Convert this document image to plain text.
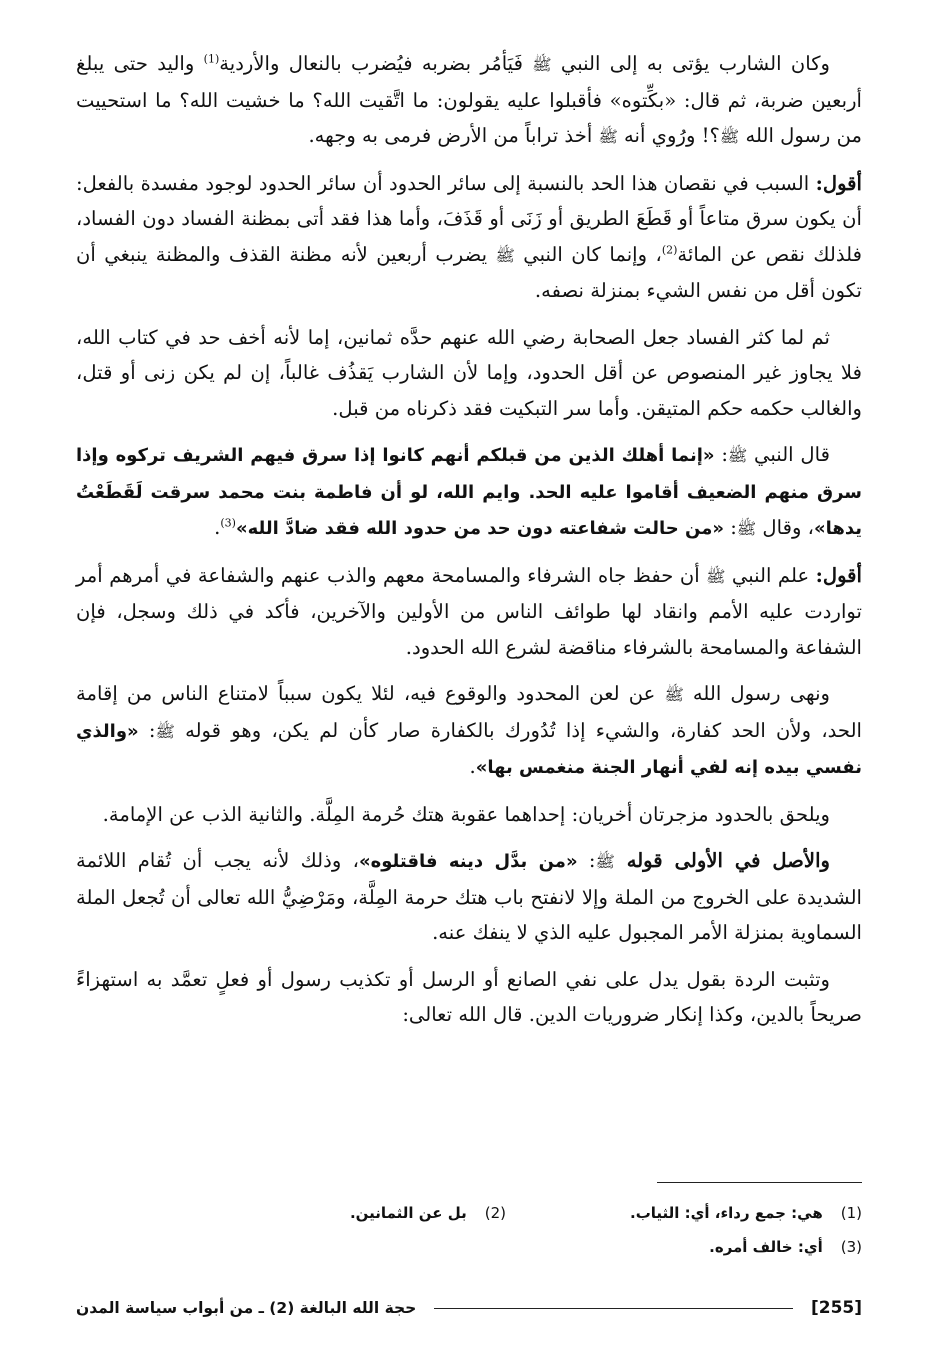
وكان الشارب يؤتى به إلى النبي ﷺ فَيَأمُر بضربه فيُضرب بالنعال والأردية$^{(1)}$ واليد حتى يبلغ أربعين ضربة، ثم قال: «بكِّتوه» فأقبلوا عليه يقولون: ما اتَّقيت الله؟ ما خشيت الله؟ ما استحييت من رسول الله ﷺ؟! ورُوي أنه ﷺ أخذ تراباً من الأرض فرمى به وجهه.

أقول: السبب في نقصان هذا الحد بالنسبة إلى سائر الحدود أن سائر الحدود لوجود مفسدة بالفعل: أن يكون سرق متاعاً أو قَطَعَ الطريق أو زَنَى أو قَذَفَ، وأما هذا فقد أتى بمظنة الفساد دون الفساد، فلذلك نقص عن المائة$^{(2)}$، وإنما كان النبي ﷺ يضرب أربعين لأنه مظنة القذف والمظنة ينبغي أن تكون أقل من نفس الشيء بمنزلة نصفه.

ثم لما كثر الفساد جعل الصحابة رضي الله عنهم حدَّه ثمانين، إما لأنه أخف حد في كتاب الله، فلا يجاوز غير المنصوص عن أقل الحدود، وإما لأن الشارب يَقذُف غالباً، إن لم يكن زنى أو قتل، والغالب حكمه حكم المتيقن. وأما سر التبكيت فقد ذكرناه من قبل.

قال النبي ﷺ: «إنما أهلك الذين من قبلكم أنهم كانوا إذا سرق فيهم الشريف تركوه وإذا سرق منهم الضعيف أقاموا عليه الحد. وايم الله، لو أن فاطمة بنت محمد سرقت لَقَطَعْتُ يدها»، وقال ﷺ: «من حالت شفاعته دون حد من حدود الله فقد ضادَّ الله»$^{(3)}$.

أقول: علم النبي ﷺ أن حفظ جاه الشرفاء والمسامحة معهم والذب عنهم والشفاعة في أمرهم أمر تواردت عليه الأمم وانقاد لها طوائف الناس من الأولين والآخرين، فأكد في ذلك وسجل، فإن الشفاعة والمسامحة بالشرفاء مناقضة لشرع الله الحدود.

ونهى رسول الله ﷺ عن لعن المحدود والوقوع فيه، لئلا يكون سبباً لامتناع الناس من إقامة الحد، ولأن الحد كفارة، والشيء إذا تُدُورك بالكفارة صار كأن لم يكن، وهو قوله ﷺ: «والذي نفسي بيده إنه لفي أنهار الجنة منغمس بها».

ويلحق بالحدود مزجرتان أخريان: إحداهما عقوبة هتك حُرمة المِلَّة. والثانية الذب عن الإمامة.

والأصل في الأولى قوله ﷺ: «من بدَّل دينه فاقتلوه»، وذلك لأنه يجب أن تُقام اللائمة الشديدة على الخروج من الملة وإلا لانفتح باب هتك حرمة المِلَّة، ومَرْضِيُّ الله تعالى أن تُجعل الملة السماوية بمنزلة الأمر المجبول عليه الذي لا ينفك عنه.

وتثبت الردة بقول يدل على نفي الصانع أو الرسل أو تكذيب رسول أو فعلٍ تعمَّد به استهزاءً صريحاً بالدين، وكذا إنكار ضروريات الدين. قال الله تعالى:

(1)هي: جمع رداء، أي: الثياب.
(2)بل عن الثمانين.
(3)أي: خالف أمره.
[255]
حجة الله البالغة (2) ـ من أبواب سياسة المدن
